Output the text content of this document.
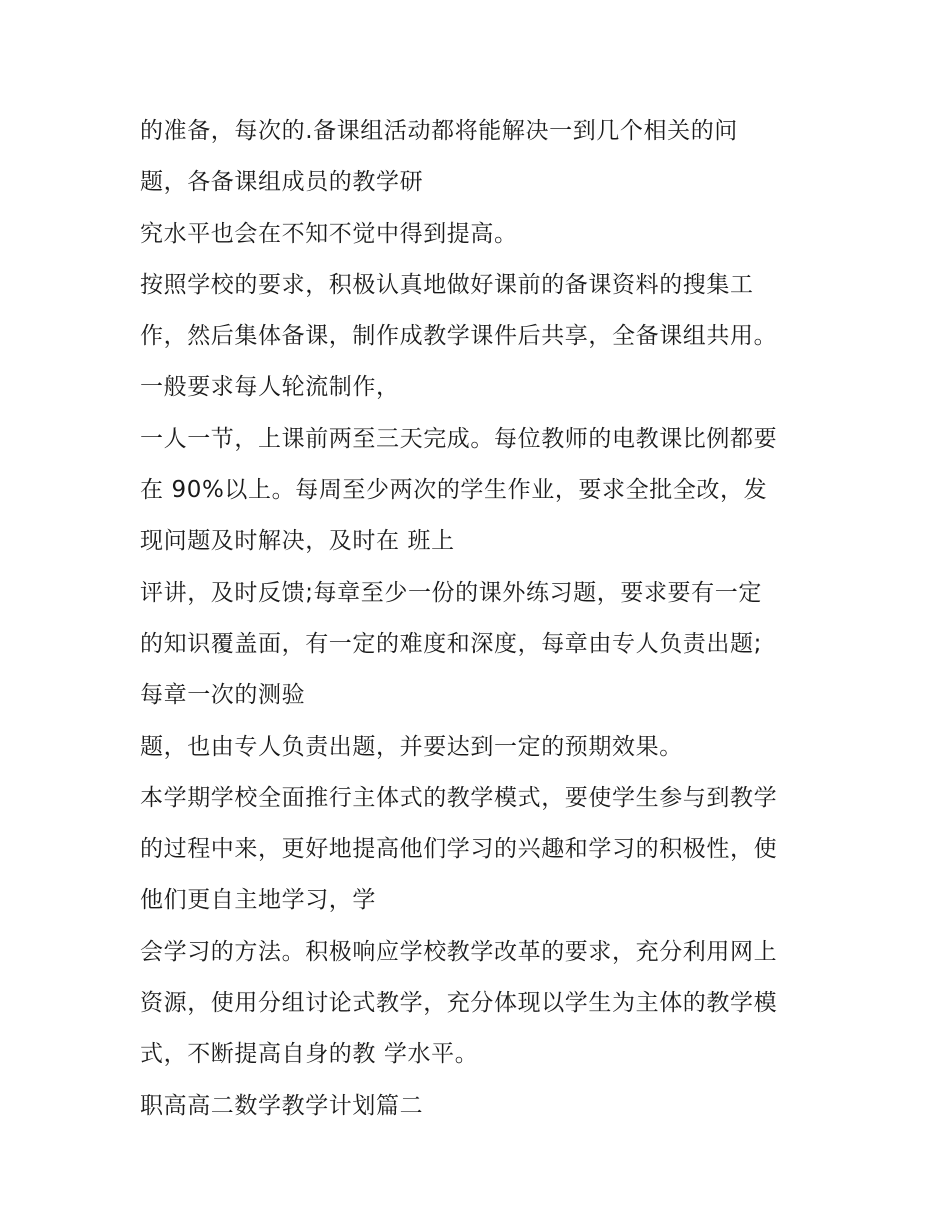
的准备，每次的.备课组活动都将能解决一到几个相关的问
题，各备课组成员的教学研
究水平也会在不知不觉中得到提高。
按照学校的要求，积极认真地做好课前的备课资料的搜集工
作，然后集体备课，制作成教学课件后共享，全备课组共用。
一般要求每人轮流制作，
一人一节，上课前两至三天完成。每位教师的电教课比例都要
在 90%以上。每周至少两次的学生作业，要求全批全改，发
现问题及时解决，及时在 班上
评讲，及时反馈;每章至少一份的课外练习题，要求要有一定
的知识覆盖面，有一定的难度和深度，每章由专人负责出题;
每章一次的测验
题，也由专人负责出题，并要达到一定的预期效果。
本学期学校全面推行主体式的教学模式，要使学生参与到教学
的过程中来，更好地提高他们学习的兴趣和学习的积极性，使
他们更自主地学习，学
会学习的方法。积极响应学校教学改革的要求，充分利用网上
资源，使用分组讨论式教学，充分体现以学生为主体的教学模
式，不断提高自身的教 学水平。
职高高二数学教学计划篇二
